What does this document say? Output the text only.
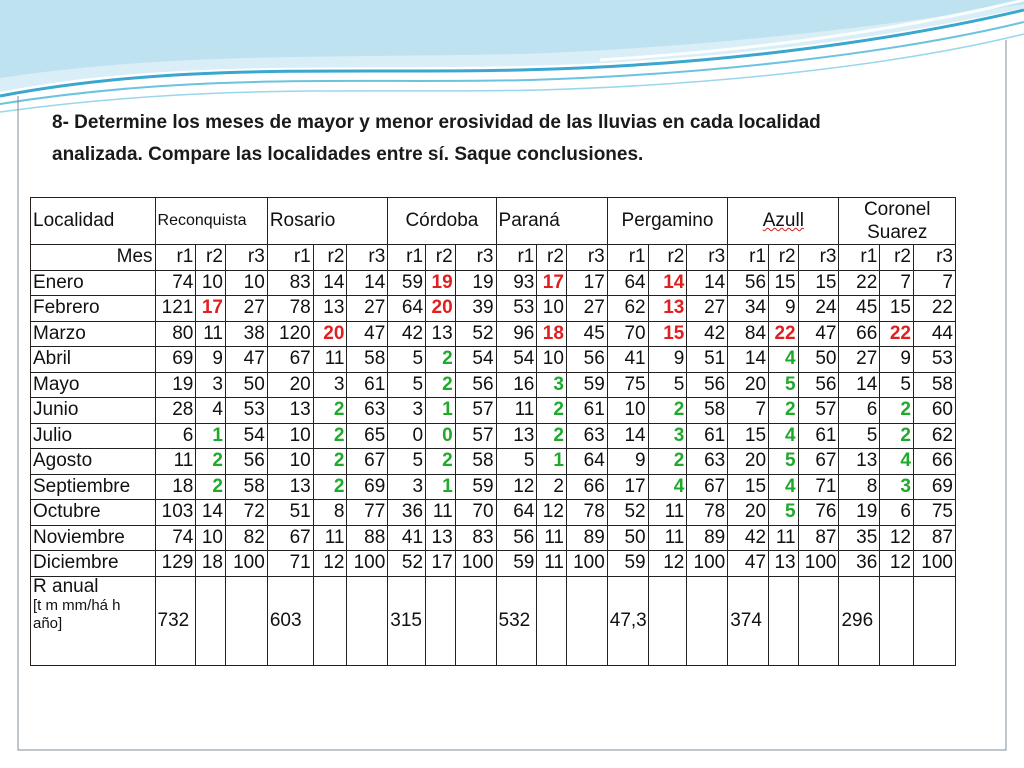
8- Determine los meses de mayor y menor erosividad de las lluvias en cada localidad
analizada. Compare las localidades entre sí. Saque conclusiones.
Localidad	Reconquista			Rosario			Córdoba			Paraná			Pergamino			Azull			Coronel
Suarez		
Mes	r1	r2	r3	r1	r2	r3	r1	r2	r3	r1	r2	r3	r1	r2	r3	r1	r2	r3	r1	r2	r3
Enero	74	10	10	83	14	14	59	19	19	93	17	17	64	14	14	56	15	15	22	7	7
Febrero	121	17	27	78	13	27	64	20	39	53	10	27	62	13	27	34	9	24	45	15	22
Marzo	80	11	38	120	20	47	42	13	52	96	18	45	70	15	42	84	22	47	66	22	44
Abril	69	9	47	67	11	58	5	2	54	54	10	56	41	9	51	14	4	50	27	9	53
Mayo	19	3	50	20	3	61	5	2	56	16	3	59	75	5	56	20	5	56	14	5	58
Junio	28	4	53	13	2	63	3	1	57	11	2	61	10	2	58	7	2	57	6	2	60
Julio	6	1	54	10	2	65	0	0	57	13	2	63	14	3	61	15	4	61	5	2	62
Agosto	11	2	56	10	2	67	5	2	58	5	1	64	9	2	63	20	5	67	13	4	66
Septiembre	18	2	58	13	2	69	3	1	59	12	2	66	17	4	67	15	4	71	8	3	69
Octubre	103	14	72	51	8	77	36	11	70	64	12	78	52	11	78	20	5	76	19	6	75
Noviembre	74	10	82	67	11	88	41	13	83	56	11	89	50	11	89	42	11	87	35	12	87
Diciembre	129	18	100	71	12	100	52	17	100	59	11	100	59	12	100	47	13	100	36	12	100

R anual
[t m mm/há h
año]	732			603			315			532			47,3			374			296		
